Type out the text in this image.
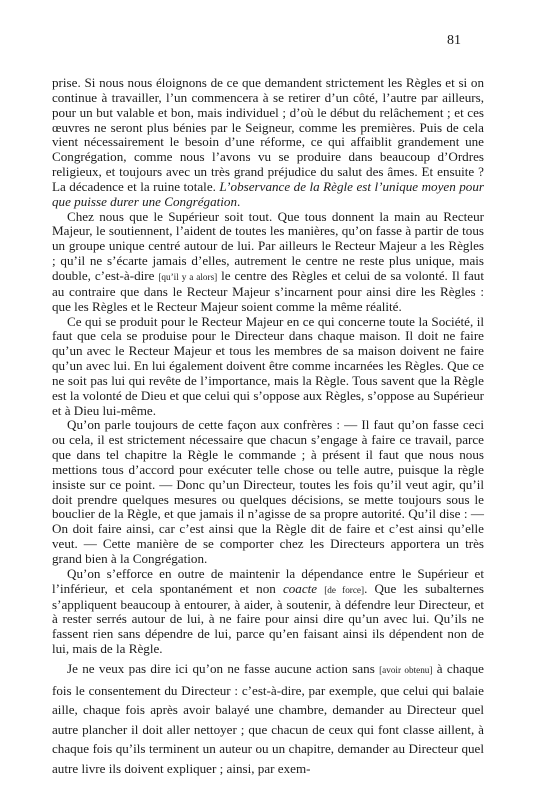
81

prise. Si nous nous éloignons de ce que demandent strictement les Règles et si on continue à travailler, l’un commencera à se retirer d’un côté, l’autre par ailleurs, pour un but valable et bon, mais individuel ; d’où le début du relâchement ; et ces œuvres ne seront plus bénies par le Seigneur, comme les premières. Puis de cela vient nécessairement le besoin d’une réforme, ce qui affaiblit grandement une Congrégation, comme nous l’avons vu se produire dans beaucoup d’Ordres religieux, et toujours avec un très grand préjudice du salut des âmes. Et ensuite ? La décadence et la ruine totale. L’observance de la Règle est l’unique moyen pour que puisse durer une Congrégation.

Chez nous que le Supérieur soit tout. Que tous donnent la main au Recteur Majeur, le soutiennent, l’aident de toutes les manières, qu’on fasse à partir de tous un groupe unique centré autour de lui. Par ailleurs le Recteur Majeur a les Règles ; qu’il ne s’écarte jamais d’elles, autrement le centre ne reste plus unique, mais double, c’est-à-dire [qu’il y a alors] le centre des Règles et celui de sa volonté. Il faut au contraire que dans le Recteur Majeur s’incarnent pour ainsi dire les Règles : que les Règles et le Recteur Majeur soient comme la même réalité.

Ce qui se produit pour le Recteur Majeur en ce qui concerne toute la Société, il faut que cela se produise pour le Directeur dans chaque maison. Il doit ne faire qu’un avec le Recteur Majeur et tous les membres de sa maison doivent ne faire qu’un avec lui. En lui également doivent être comme incarnées les Règles. Que ce ne soit pas lui qui revête de l’importance, mais la Règle. Tous savent que la Règle est la volonté de Dieu et que celui qui s’oppose aux Règles, s’oppose au Supérieur et à Dieu lui-même.

Qu’on parle toujours de cette façon aux confrères : — Il faut qu’on fasse ceci ou cela, il est strictement nécessaire que chacun s’engage à faire ce travail, parce que dans tel chapitre la Règle le commande ; à présent il faut que nous nous mettions tous d’accord pour exécuter telle chose ou telle autre, puisque la règle insiste sur ce point. — Donc qu’un Directeur, toutes les fois qu’il veut agir, qu’il doit prendre quelques mesures ou quelques décisions, se mette toujours sous le bouclier de la Règle, et que jamais il n’agisse de sa propre autorité. Qu’il dise : — On doit faire ainsi, car c’est ainsi que la Règle dit de faire et c’est ainsi qu’elle veut. — Cette manière de se comporter chez les Directeurs apportera un très grand bien à la Congrégation.

Qu’on s’efforce en outre de maintenir la dépendance entre le Supérieur et l’inférieur, et cela spontanément et non coacte [de force]. Que les subalternes s’appliquent beaucoup à entourer, à aider, à soutenir, à défendre leur Directeur, et à rester serrés autour de lui, à ne faire pour ainsi dire qu’un avec lui. Qu’ils ne fassent rien sans dépendre de lui, parce qu’en faisant ainsi ils dépendent non de lui, mais de la Règle.

Je ne veux pas dire ici qu’on ne fasse aucune action sans [avoir obtenu] à chaque fois le consentement du Directeur : c’est-à-dire, par exemple, que celui qui balaie aille, chaque fois après avoir balayé une chambre, demander au Directeur quel autre plancher il doit aller nettoyer ; que chacun de ceux qui font classe aillent, à chaque fois qu’ils terminent un auteur ou un chapitre, demander au Directeur quel autre livre ils doivent expliquer ; ainsi, par exem-
